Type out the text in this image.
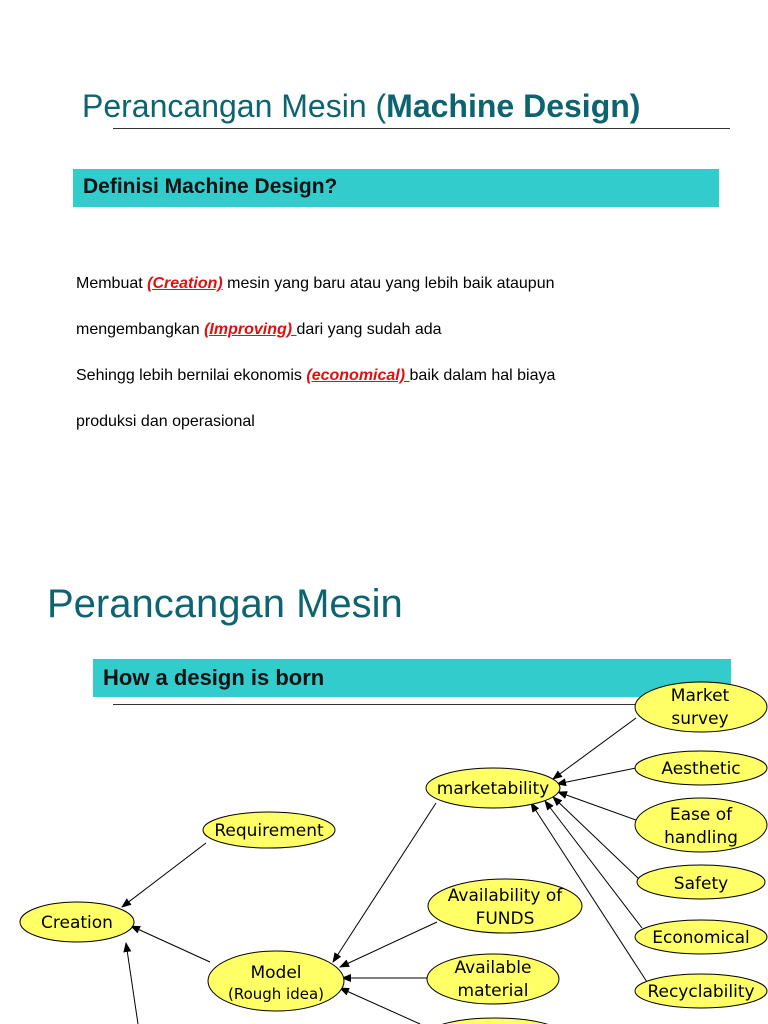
Perancangan Mesin (Machine Design)
Definisi Machine Design?
Membuat (Creation) mesin yang baru atau yang lebih baik ataupun
mengembangkan (Improving) dari yang sudah ada
Sehingg lebih bernilai ekonomis (economical) baik dalam hal biaya
produksi dan operasional
Perancangan Mesin
How a design is born
Market
survey
Aesthetic
Ease of
handling
Safety
Economical
Recyclability
marketability
Requirement
Creation
Availability of
FUNDS
Available
material
Model
(Rough idea)
